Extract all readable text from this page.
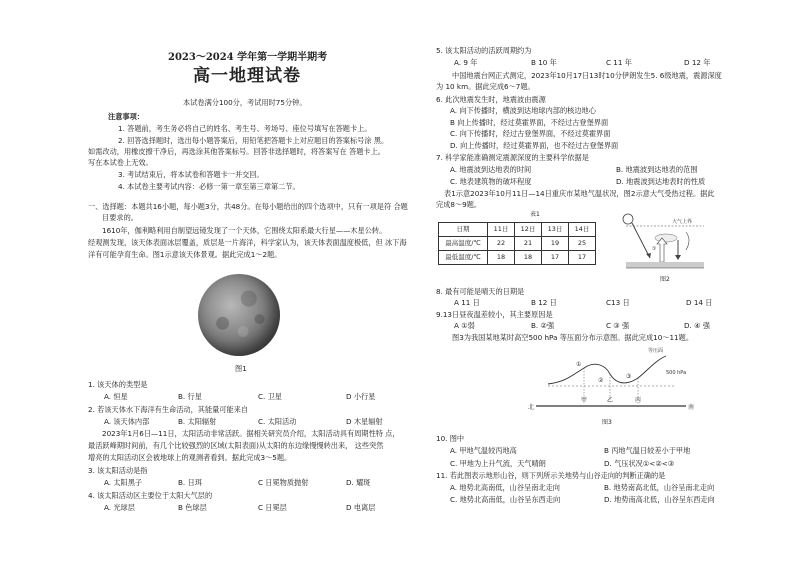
2023～2024 学年第一学期半期考
高一地理试卷
本试卷满分100分，考试用时75分钟。
注意事项：
1. 答题前，考生务必将自己的姓名、考生号、考场号、座位号填写在答题卡上。
2. 回答选择题时，选出每小题答案后，用铅笔把答题卡上对应题目的答案标号涂 黑。
如需改动，用橡皮擦干净后，再选涂其他答案标号。回答非选择题时，将答案写在 答题卡上。
写在本试卷上无效。
3. 考试结束后，将本试卷和答题卡一并交回。
4. 本试卷主要考试内容：必修一第一章至第三章第二节。
一、选择题：本题共16小题，每小题3分，共48分。在每小题给出的四个选项中，只有一项是符 合题
目要求的。
1610年，伽利略利用自制望远镜发现了一个天体，它围绕太阳系最大行星——木星公转。
经观测发现，该天体表面冰层覆盖，质层是一片海洋，科学家认为，该天体表面温度极低，但 冰下海
洋有可能孕育生命。图1示意该天体景观。据此完成1～2题。
图1
1. 该天体的类型是
A. 恒星	B. 行星	C. 卫星	D 小行星
2. 若该天体水下海洋有生命活动，其能量可能来自
A. 该天体内部	B. 太阳辐射	C. 太阳活动	D 木星辐射
2023年1月6日—11日，太阳活动非常活跃。据相关研究员介绍，太阳活动具有周期性特 点，
最活跃峰期时间前，有几个比较强烈的区域(太阳表面)从太阳的东边缘慢慢转出来， 这些突然
增亮的太阳活动区会被地球上的观测者看到。据此完成3～5题。
3. 该太阳活动是指
A. 太阳黑子	B. 日珥	C 日冕物质抛射	D. 耀斑
4. 该太阳活动区主要位于太阳大气层的
A. 光球层	B 色球层	C 日冕层	D 电离层
5. 该太阳活动的活跃周期约为
A. 9 年	B 10 年	C 11 年	D 12 年
中国地震台网正式测定，2023年10月17日13时10分伊朗发生5. 6级地震，震源深度
为 10 km。据此完成6～7题。
6. 此次地震发生时，地震波由震源
A. 向下传播时，横波到达地球内部的核边地心
B 向上传播时，经过莫霍界面，不经过古登堡界面
C. 向下传播时，经过古登堡界面，不经过莫霍界面
D. 向上传播时，经过莫霍界面，也不经过古登堡界面
7. 科学家能准确测定震源深度的主要科学依据是
A. 地震波到达地表的时间	B. 地震波到达地表的范围
C. 地表建筑物的破坏程度	D. 地震波到达地表时的性质
表1示意2023年10月11日—14日重庆市某地气温状况，图2示意大气受热过程。据此
完成8～9题。
表1
日期	11日	12日	13日	14日
最高温度/℃	22	21	19	25
最低温度/℃	18	18	17	17
大气上界
①
图2
8. 最有可能是晴天的日期是
A 11 日	B 12 日	C13 日	D 14 日
9.13日昼夜温差较小，其主要原因是
A ①弱	B. ②强	C ③ 强	D. ④ 强
图3为我国某地某时高空500 hPa 等压面分布示意图。据此完成10～11题。
等压面
500 hPa
①
②
③
甲	乙	丙
北	南
图3
10. 图中
A. 甲地气温较丙地高	B 丙地气温日较差小于甲地
C. 甲地为上升气流，天气晴朗	D. 气压状况①<②<③
11. 若此图表示地形山谷，则下列所示关地势与山谷走向的判断正确的是
A. 地势北高南低，山谷呈南北走向	B. 地势南高北低，山谷呈南北走向
C. 地势北高南低，山谷呈东西走向	D. 地势南高北低，山谷呈东西走向
